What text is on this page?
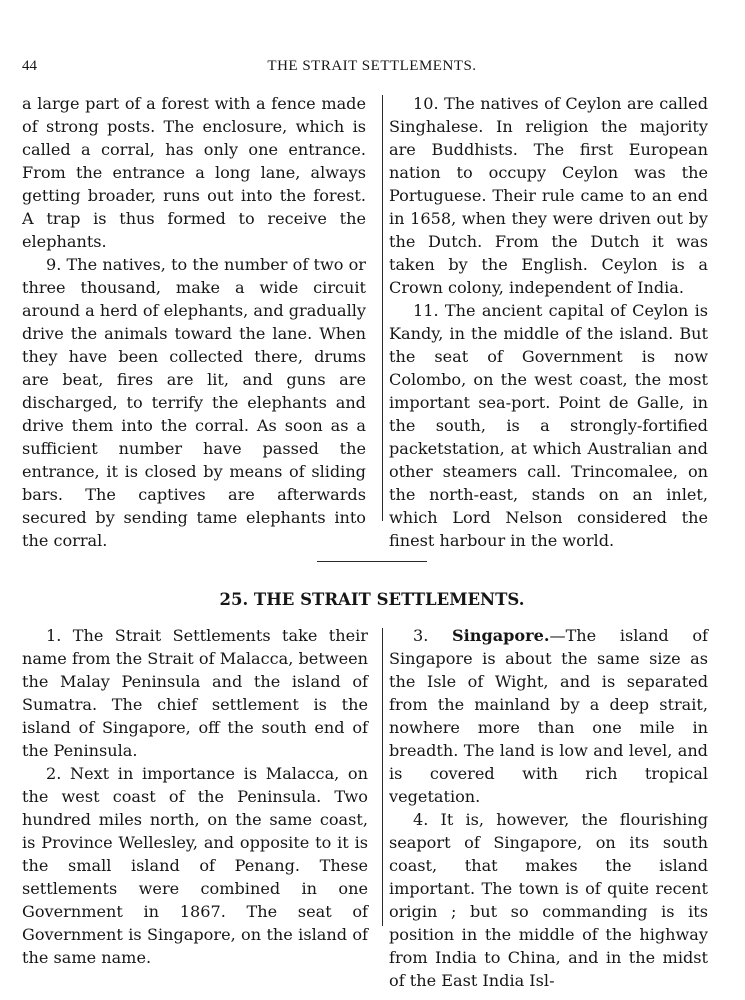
44	THE STRAIT SETTLEMENTS.

a large part of a forest with a fence made of strong posts. The enclosure, which is called a corral, has only one entrance. From the entrance a long lane, always getting broader, runs out into the forest. A trap is thus formed to receive the elephants.

9. The natives, to the number of two or three thousand, make a wide circuit around a herd of elephants, and gradually drive the animals toward the lane. When they have been collected there, drums are beat, fires are lit, and guns are discharged, to terrify the elephants and drive them into the corral. As soon as a sufficient number have passed the entrance, it is closed by means of sliding bars. The captives are afterwards secured by sending tame elephants into the corral.

10. The natives of Ceylon are called Singhalese. In religion the majority are Buddhists. The first European nation to occupy Ceylon was the Portuguese. Their rule came to an end in 1658, when they were driven out by the Dutch. From the Dutch it was taken by the English. Ceylon is a Crown colony, independent of India.

11. The ancient capital of Ceylon is Kandy, in the middle of the island. But the seat of Government is now Colombo, on the west coast, the most important sea-port. Point de Galle, in the south, is a strongly-fortified packetstation, at which Australian and other steamers call. Trincomalee, on the north-east, stands on an inlet, which Lord Nelson considered the finest harbour in the world.

25. THE STRAIT SETTLEMENTS.

1. The Strait Settlements take their name from the Strait of Malacca, between the Malay Peninsula and the island of Sumatra. The chief settlement is the island of Singapore, off the south end of the Peninsula.

2. Next in importance is Malacca, on the west coast of the Peninsula. Two hundred miles north, on the same coast, is Province Wellesley, and opposite to it is the small island of Penang. These settlements were combined in one Government in 1867. The seat of Government is Singapore, on the island of the same name.

3. Singapore.—The island of Singapore is about the same size as the Isle of Wight, and is separated from the mainland by a deep strait, nowhere more than one mile in breadth. The land is low and level, and is covered with rich tropical vegetation.

4. It is, however, the flourishing seaport of Singapore, on its south coast, that makes the island important. The town is of quite recent origin ; but so commanding is its position in the middle of the highway from India to China, and in the midst of the East India Isl-
